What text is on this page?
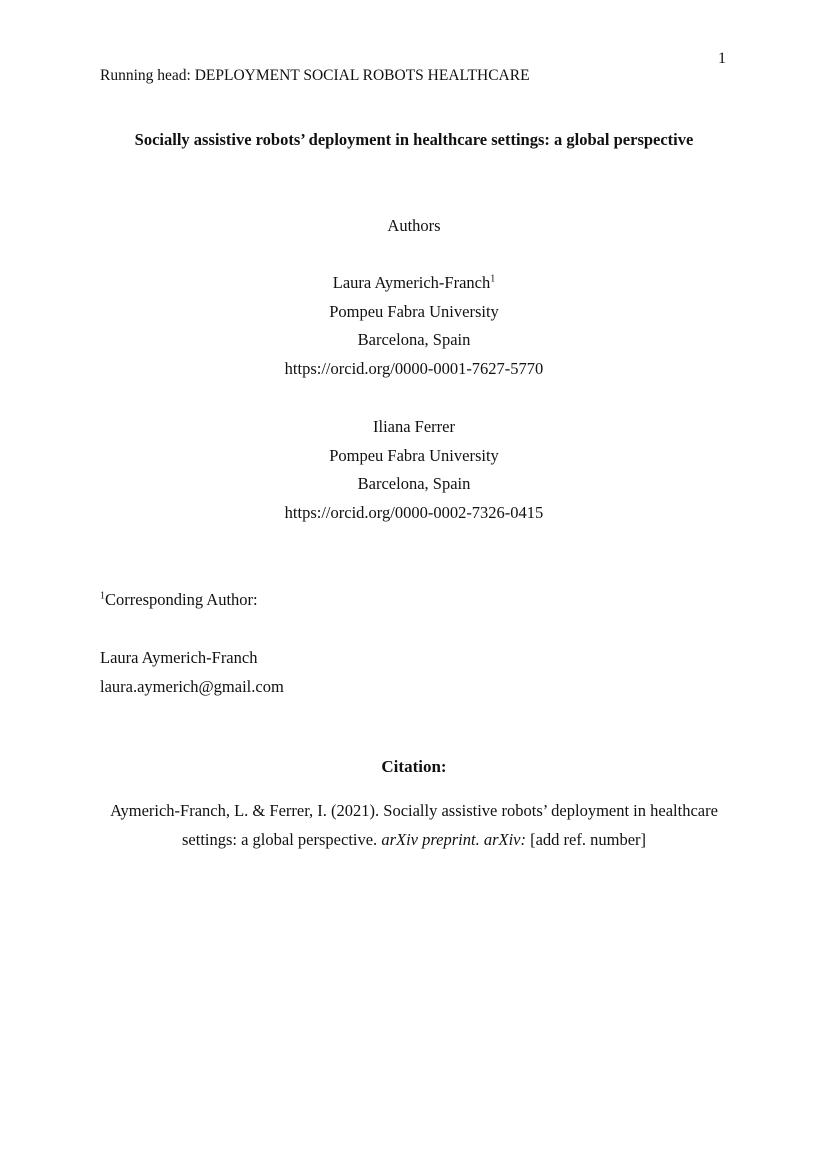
1
Running head: DEPLOYMENT SOCIAL ROBOTS HEALTHCARE
Socially assistive robots’ deployment in healthcare settings: a global perspective
Authors
Laura Aymerich-Franch$^1$
Pompeu Fabra University
Barcelona, Spain
https://orcid.org/0000-0001-7627-5770
Iliana Ferrer
Pompeu Fabra University
Barcelona, Spain
https://orcid.org/0000-0002-7326-0415
$^1$Corresponding Author:
Laura Aymerich-Franch
laura.aymerich@gmail.com
Citation:
Aymerich-Franch, L. & Ferrer, I. (2021). Socially assistive robots’ deployment in healthcare
settings: a global perspective. arXiv preprint. arXiv: [add ref. number]
